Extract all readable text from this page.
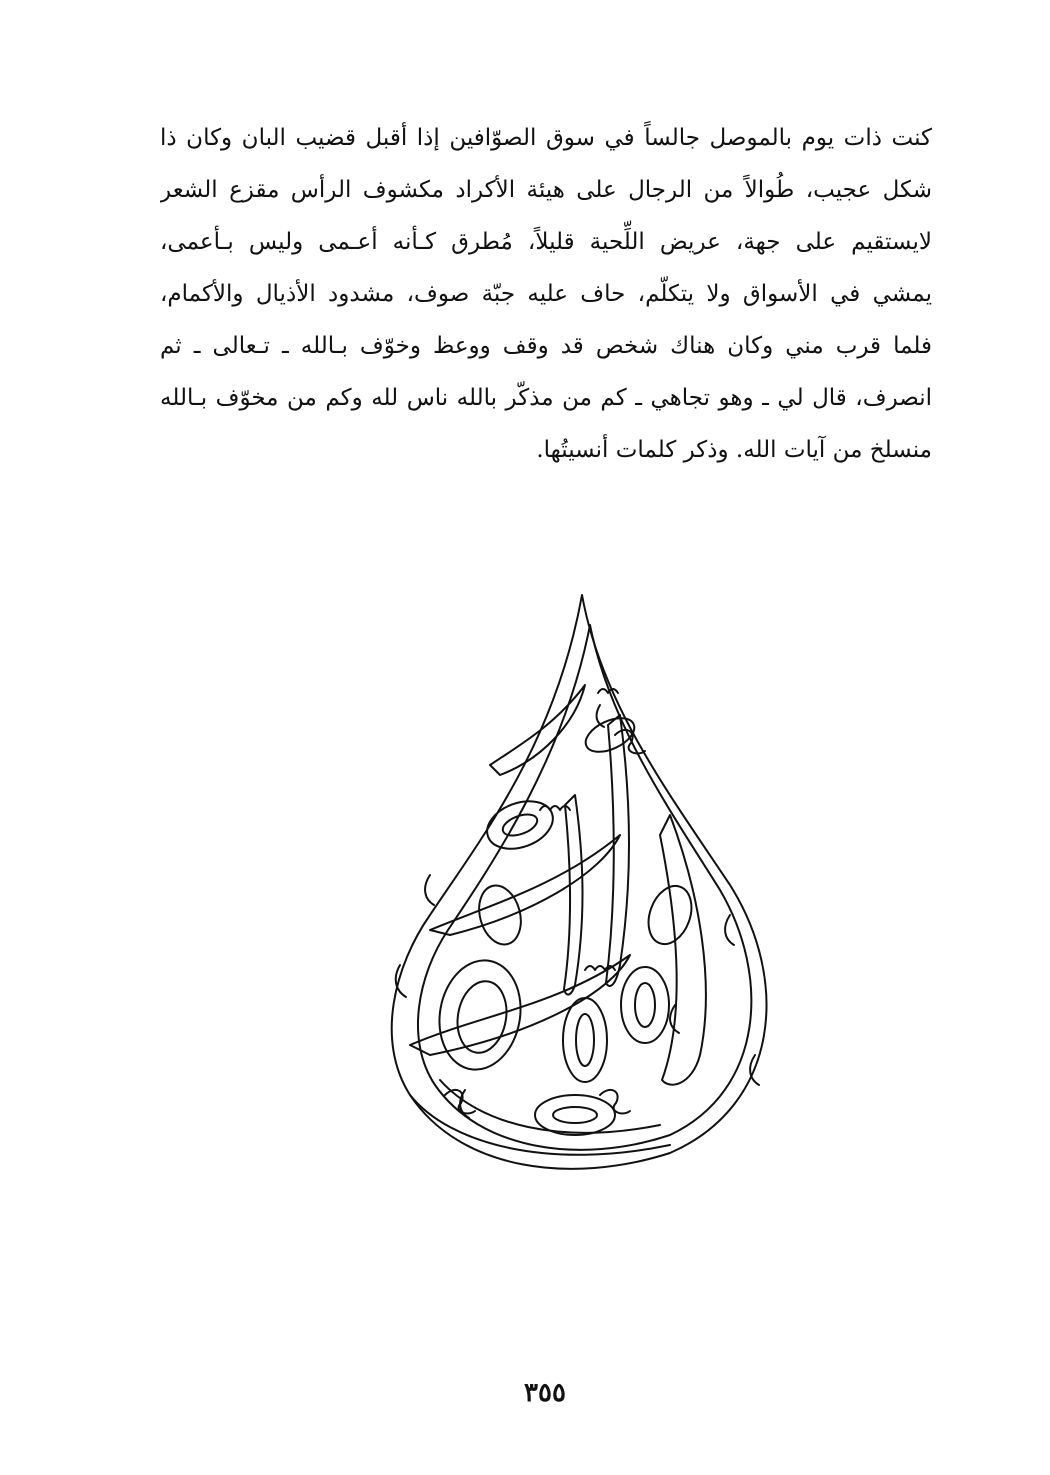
كنت ذات يوم بالموصل جالساً في سوق الصوّافين إذا أقبل قضيب البان وكان ذا
شكل عجيب، طُوالاً من الرجال على هيئة الأكراد مكشوف الرأس مقزع الشعر
لايستقيم على جهة، عريض اللِّحية قليلاً، مُطرق كـأنه أعـمى وليس بـأعمى،
يمشي في الأسواق ولا يتكلّم، حاف عليه جبّة صوف، مشدود الأذيال والأكمام،
فلما قرب مني وكان هناك شخص قد وقف ووعظ وخوّف بـالله ـ تـعالى ـ ثم
انصرف، قال لي ـ وهو تجاهي ـ كم من مذكّر بالله ناس لله وكم من مخوّف بـالله
منسلخ من آيات الله. وذكر كلمات أنسيتُها.
٣٥٥
